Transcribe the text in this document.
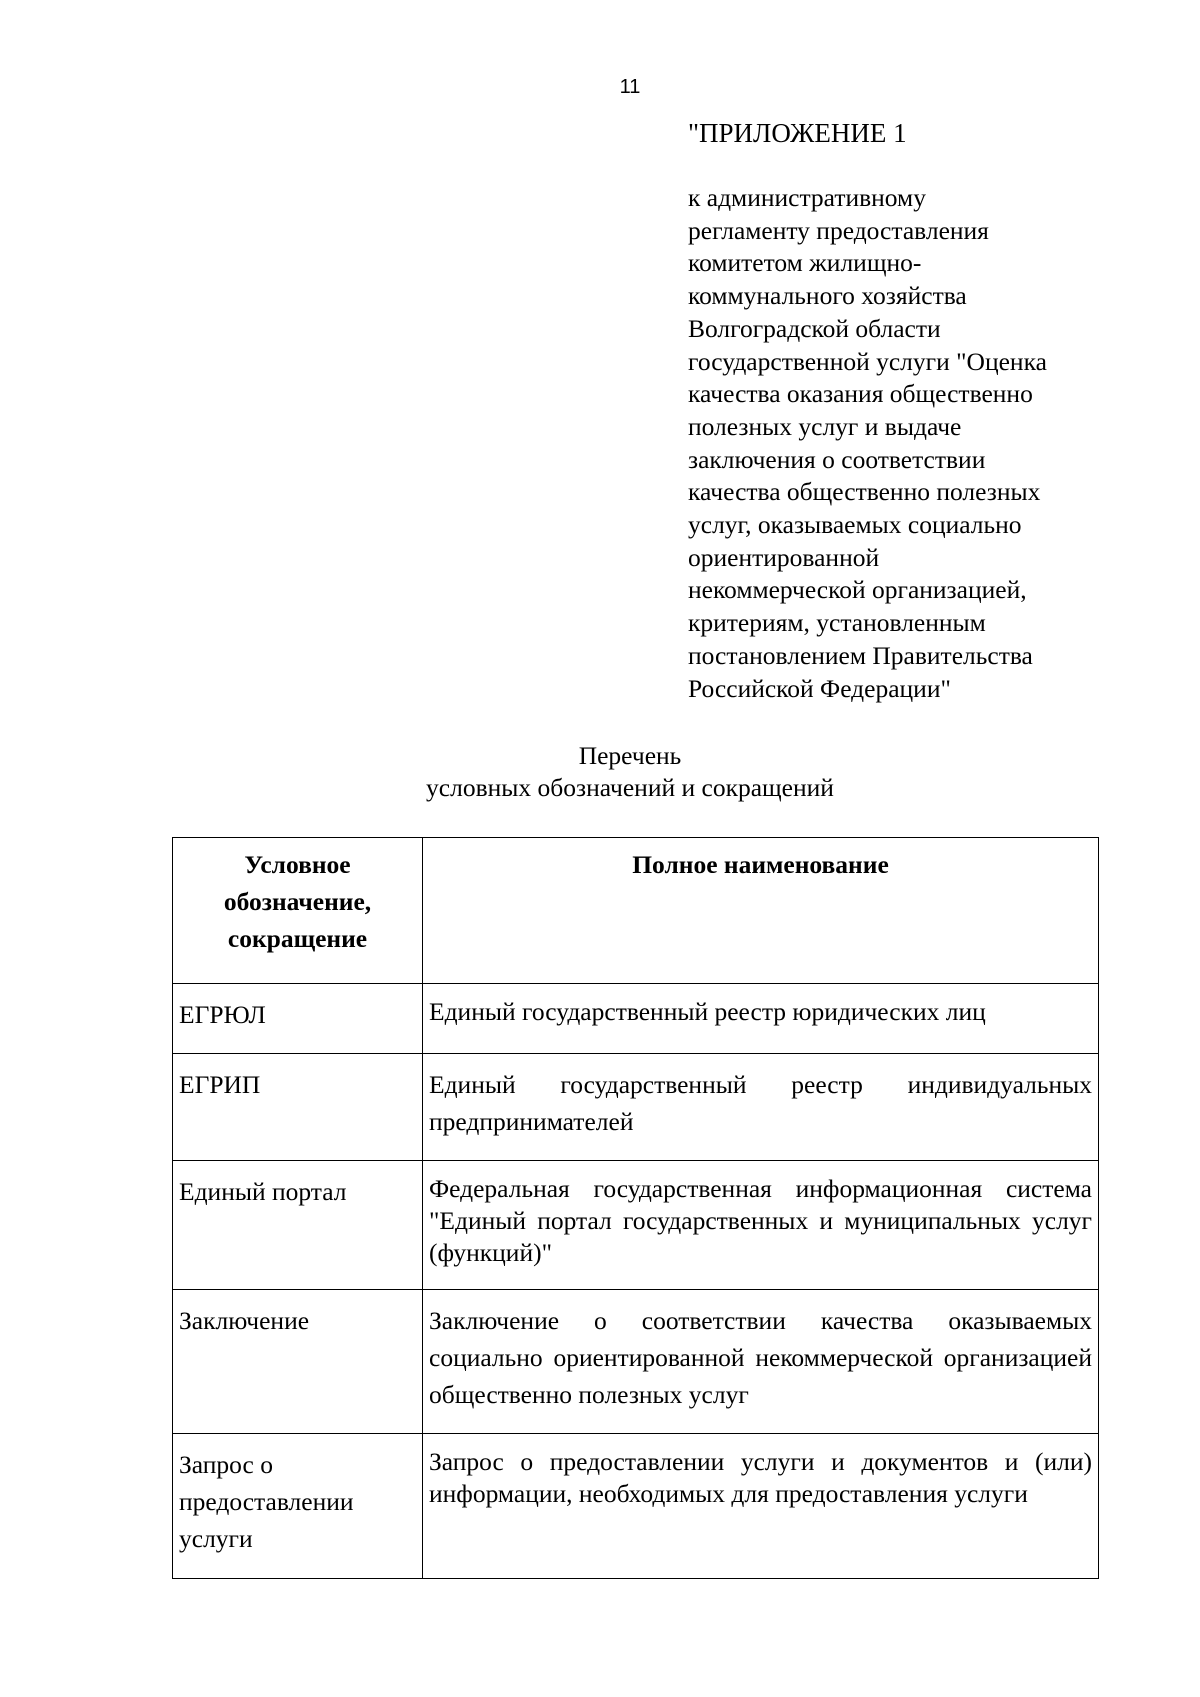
11
"ПРИЛОЖЕНИЕ 1
к административному
регламенту предоставления
комитетом жилищно-
коммунального хозяйства
Волгоградской области
государственной услуги "Оценка
качества оказания общественно
полезных услуг и выдаче
заключения о соответствии
качества общественно полезных
услуг, оказываемых социально
ориентированной
некоммерческой организацией,
критериям, установленным
постановлением Правительства
Российской Федерации"
Перечень
условных обозначений и сокращений
Условное обозначение, сокращение	Полное наименование

ЕГРЮЛ	Единый государственный реестр юридических лиц

ЕГРИП	Единый государственный реестр индивидуальных предпринимателей

Единый портал	Федеральная государственная информационная система "Единый портал государственных и муниципальных услуг (функций)"

Заключение	Заключение о соответствии качества оказываемых социально ориентированной некоммерческой организацией общественно полезных услуг

Запрос о предоставлении услуги	Запрос о предоставлении услуги и документов и (или) информации, необходимых для предоставления услуги
